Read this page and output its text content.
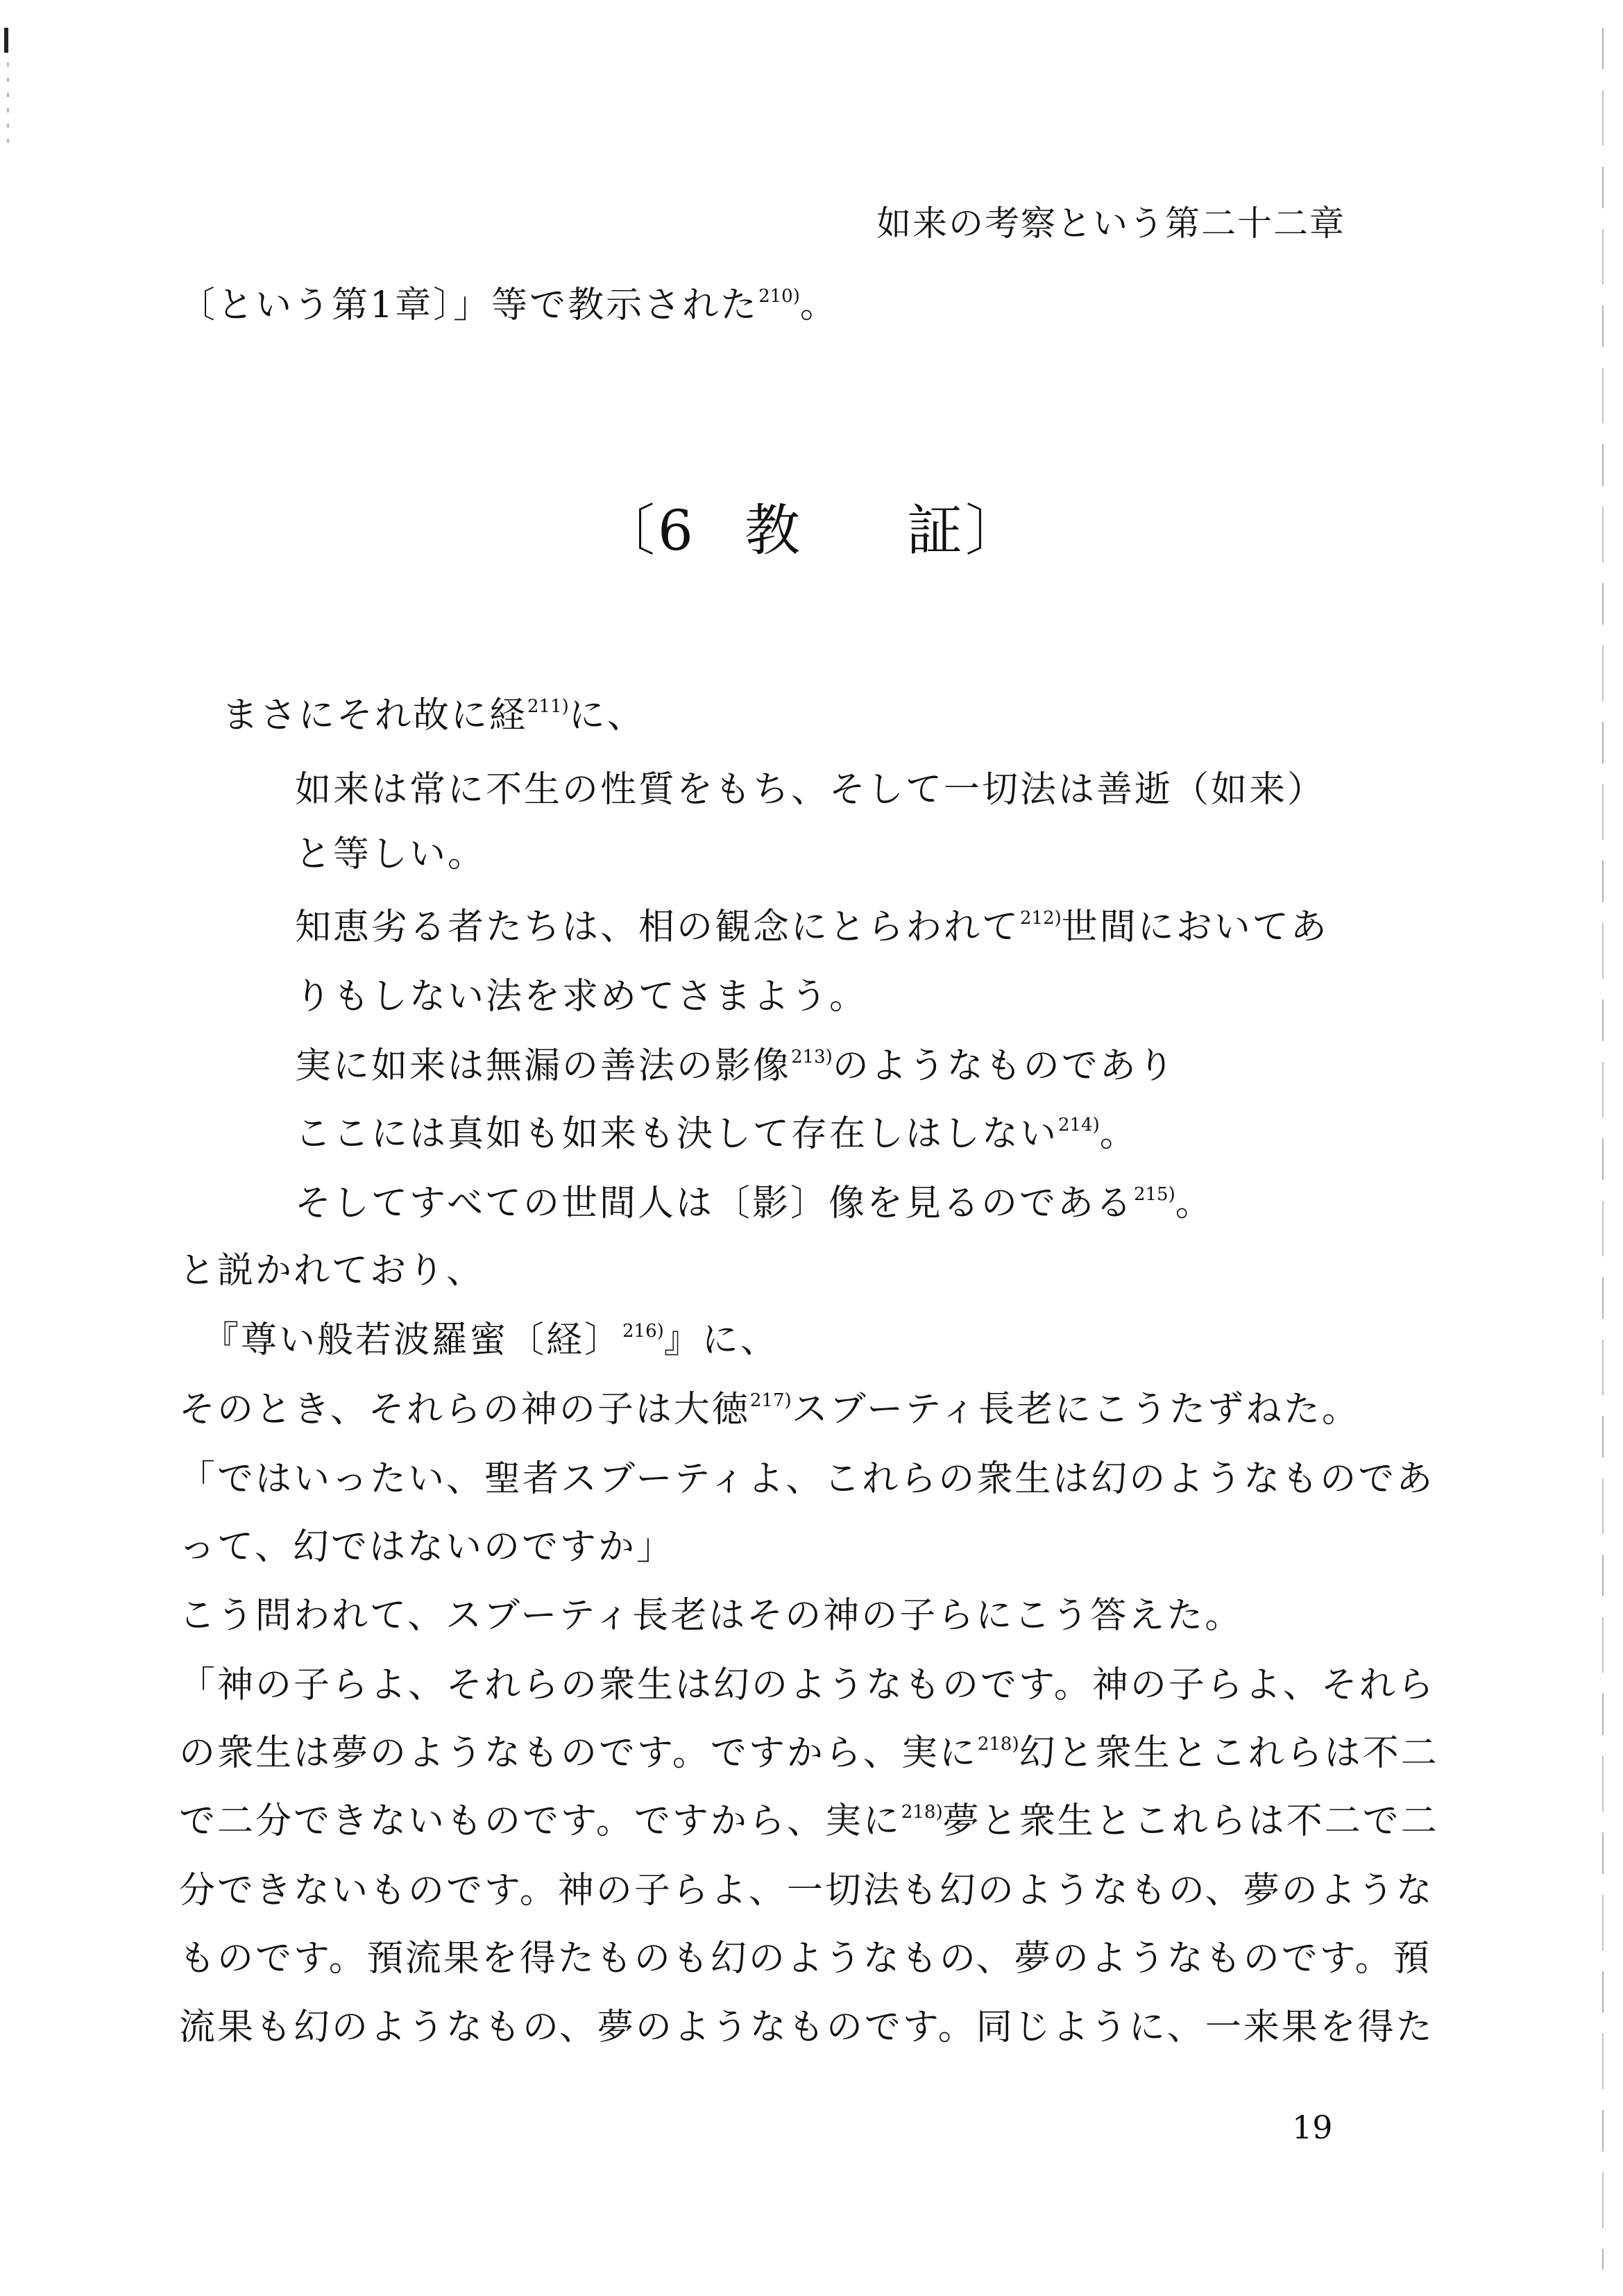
如来の考察という第二十二章
〔という第1章〕」等で教示された$^{210)}$。
〔6 教 証〕
まさにそれ故に経$^{211)}$に、
如来は常に不生の性質をもち、そして一切法は善逝（如来）
と等しい。
知恵劣る者たちは、相の観念にとらわれて$^{212)}$世間においてあ
りもしない法を求めてさまよう。
実に如来は無漏の善法の影像$^{213)}$のようなものであり
ここには真如も如来も決して存在しはしない$^{214)}$。
そしてすべての世間人は〔影〕像を見るのである$^{215)}$。
と説かれており、
『尊い般若波羅蜜〔経〕$^{216)}$』に、
そのとき、それらの神の子は大徳$^{217)}$スブーティ長老にこうたずねた。
「ではいったい、聖者スブーティよ、これらの衆生は幻のようなものであ
って、幻ではないのですか」
こう問われて、スブーティ長老はその神の子らにこう答えた。
「神の子らよ、それらの衆生は幻のようなものです。神の子らよ、それら
の衆生は夢のようなものです。ですから、実に$^{218)}$幻と衆生とこれらは不二
で二分できないものです。ですから、実に$^{218)}$夢と衆生とこれらは不二で二
分できないものです。神の子らよ、一切法も幻のようなもの、夢のような
ものです。預流果を得たものも幻のようなもの、夢のようなものです。預
流果も幻のようなもの、夢のようなものです。同じように、一来果を得た
19
